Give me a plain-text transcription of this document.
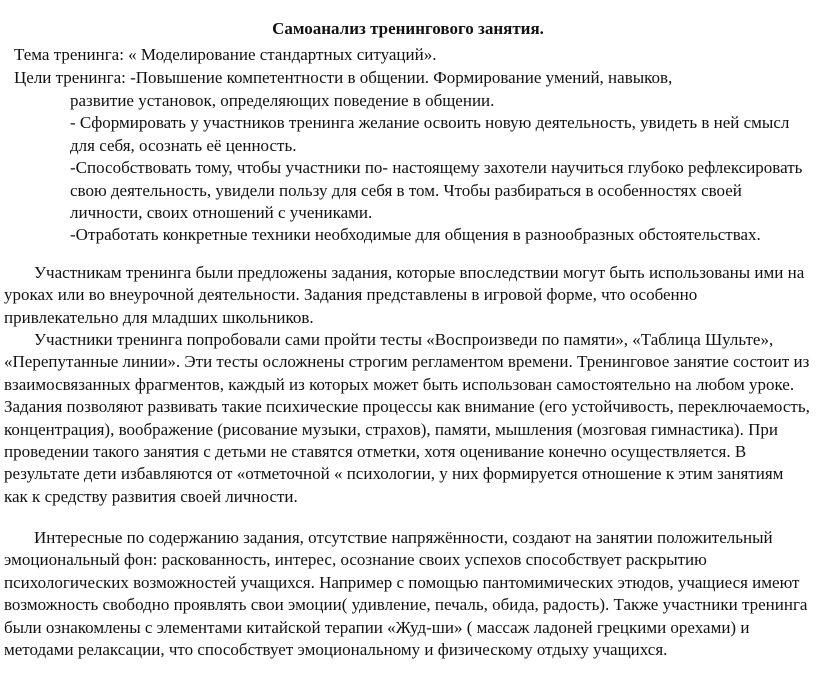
Самоанализ тренингового занятия.

Тема тренинга: « Моделирование стандартных ситуаций».

Цели тренинга: -Повышение компетентности в общении. Формирование умений, навыков,

развитие установок, определяющих поведение в общении.

- Сформировать у участников тренинга желание освоить новую деятельность, увидеть в ней смысл для себя, осознать её ценность.

-Способствовать тому, чтобы участники по- настоящему захотели научиться глубоко рефлексировать свою деятельность, увидели пользу для себя в том. Чтобы разбираться в особенностях своей личности, своих отношений с учениками.

-Отработать конкретные техники необходимые для общения в разнообразных обстоятельствах.

Участникам тренинга были предложены задания, которые впоследствии могут быть использованы ими на уроках или во внеурочной деятельности. Задания представлены в игровой форме, что особенно привлекательно для младших школьников.

Участники тренинга попробовали сами пройти тесты «Воспроизведи по памяти», «Таблица Шульте», «Перепутанные линии». Эти тесты осложнены строгим регламентом времени. Тренинговое занятие состоит из взаимосвязанных фрагментов, каждый из которых может быть использован самостоятельно на любом уроке. Задания позволяют развивать такие психические процессы как внимание (его устойчивость, переключаемость, концентрация), воображение (рисование музыки, страхов), памяти, мышления (мозговая гимнастика). При проведении такого занятия с детьми не ставятся отметки, хотя оценивание конечно осуществляется. В результате дети избавляются от «отметочной « психологии, у них формируется отношение к этим занятиям как к средству развития своей личности.

Интересные по содержанию задания, отсутствие напряжённости, создают на занятии положительный эмоциональный фон: раскованность, интерес, осознание своих успехов способствует раскрытию психологических возможностей учащихся. Например с помощью пантомимических этюдов, учащиеся имеют возможность свободно проявлять свои эмоции( удивление, печаль, обида, радость). Также участники тренинга были ознакомлены с элементами китайской терапии «Жуд-ши» ( массаж ладоней грецкими орехами) и методами релаксации, что способствует эмоциональному и физическому отдыху учащихся.
